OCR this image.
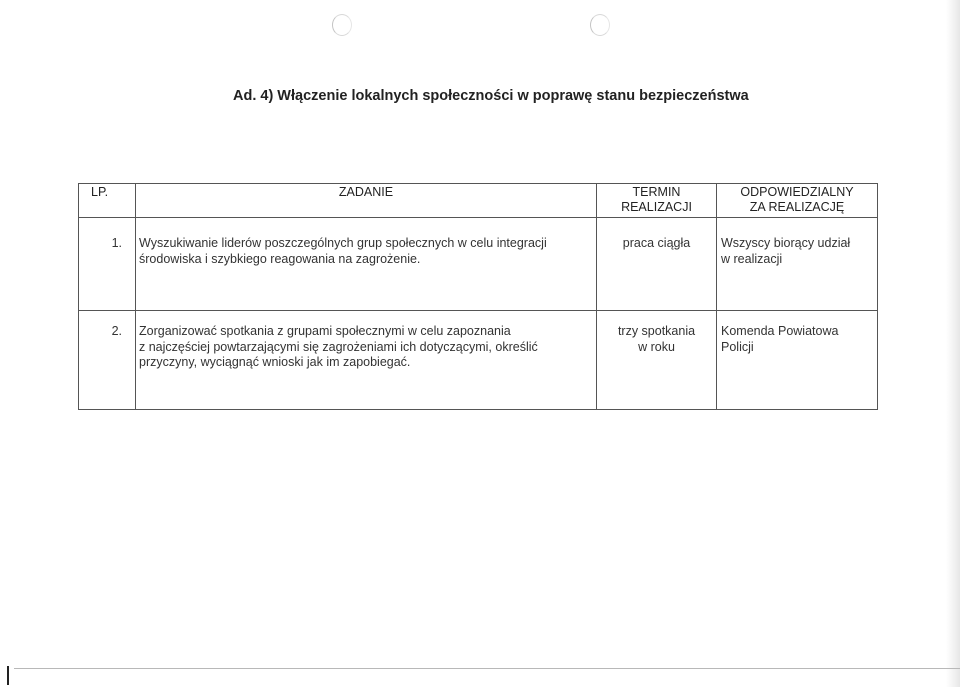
Ad. 4) Włączenie lokalnych społeczności w poprawę stanu bezpieczeństwa
LP.	ZADANIE	TERMIN
REALIZACJI	ODPOWIEDZIALNY
ZA REALIZACJĘ

1.	Wyszukiwanie liderów poszczególnych grup społecznych w celu integracji
środowiska i szybkiego reagowania na zagrożenie.	praca ciągła	Wszyscy biorący udział
w realizacji

2.	Zorganizować spotkania z grupami społecznymi w celu zapoznania
z najczęściej powtarzającymi się zagrożeniami ich dotyczącymi, określić
przyczyny, wyciągnąć wnioski jak im zapobiegać.	trzy spotkania
w roku	Komenda Powiatowa
Policji
